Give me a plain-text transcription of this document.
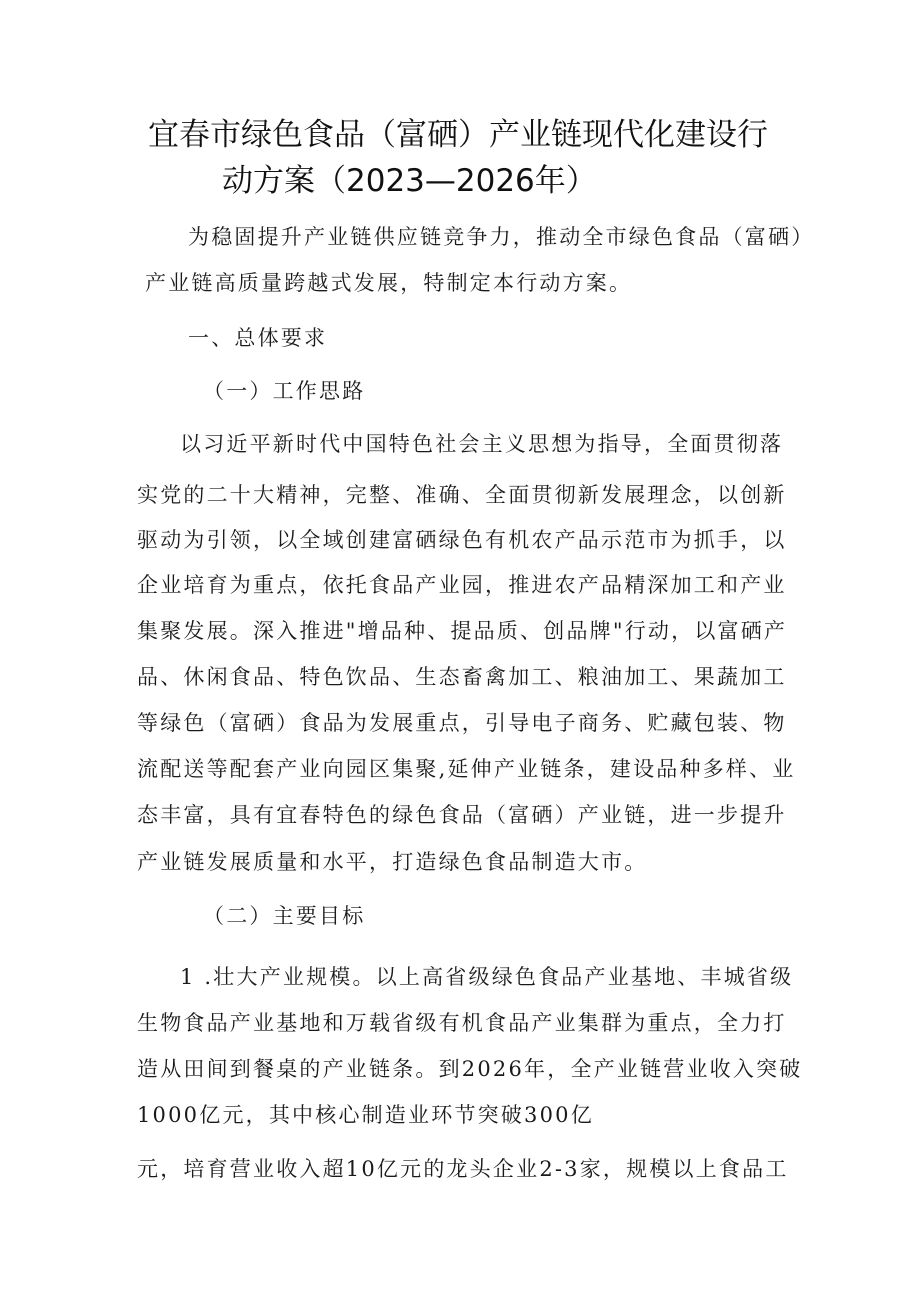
宜春市绿色食品（富硒）产业链现代化建设行
动方案（2023—2026年）
为稳固提升产业链供应链竞争力，推动全市绿色食品（富硒）
产业链高质量跨越式发展，特制定本行动方案。
一、总体要求
（一）工作思路
以习近平新时代中国特色社会主义思想为指导，全面贯彻落
实党的二十大精神，完整、准确、全面贯彻新发展理念，以创新
驱动为引领，以全域创建富硒绿色有机农产品示范市为抓手，以
企业培育为重点，依托食品产业园，推进农产品精深加工和产业
集聚发展。深入推进"增品种、提品质、创品牌"行动，以富硒产
品、休闲食品、特色饮品、生态畜禽加工、粮油加工、果蔬加工
等绿色（富硒）食品为发展重点，引导电子商务、贮藏包装、物
流配送等配套产业向园区集聚,延伸产业链条，建设品种多样、业
态丰富，具有宜春特色的绿色食品（富硒）产业链，进一步提升
产业链发展质量和水平，打造绿色食品制造大市。
（二）主要目标
1 .壮大产业规模。以上高省级绿色食品产业基地、丰城省级
生物食品产业基地和万载省级有机食品产业集群为重点，全力打
造从田间到餐桌的产业链条。到2026年，全产业链营业收入突破
1000亿元，其中核心制造业环节突破300亿
元，培育营业收入超10亿元的龙头企业2-3家，规模以上食品工
